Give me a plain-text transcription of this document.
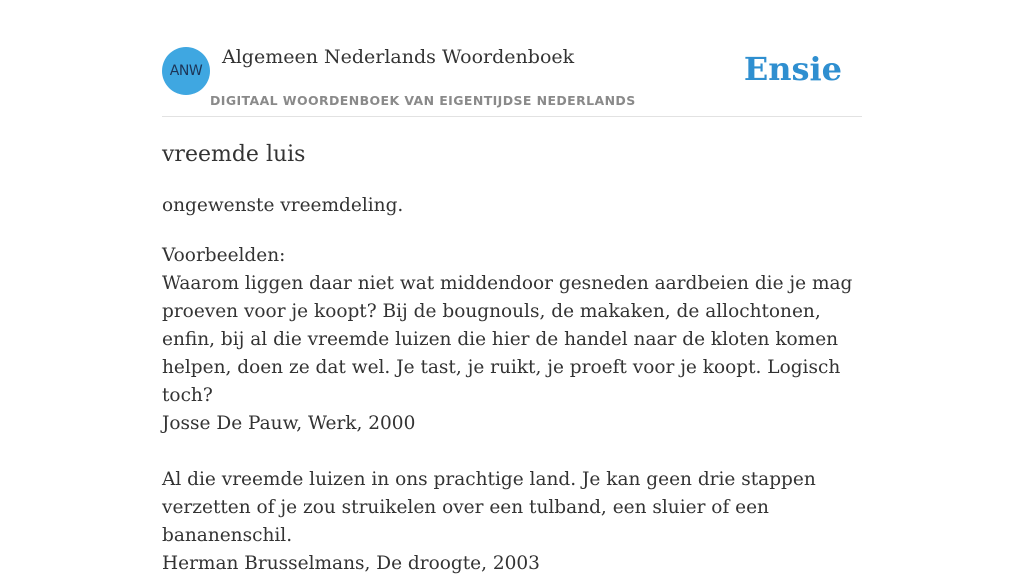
ANW
Algemeen Nederlands Woordenboek
DIGITAAL WOORDENBOEK VAN EIGENTIJDSE NEDERLANDS
Ensie
vreemde luis

ongewenste vreemdeling.

Voorbeelden:
Waarom liggen daar niet wat middendoor gesneden aardbeien die je mag proeven voor je koopt? Bij de bougnouls, de makaken, de allochtonen, enfin, bij al die vreemde luizen die hier de handel naar de kloten komen helpen, doen ze dat wel. Je tast, je ruikt, je proeft voor je koopt. Logisch toch?
Josse De Pauw, Werk, 2000
Al die vreemde luizen in ons prachtige land. Je kan geen drie stappen verzetten of je zou struikelen over een tulband, een sluier of een bananenschil.
Herman Brusselmans, De droogte, 2003
